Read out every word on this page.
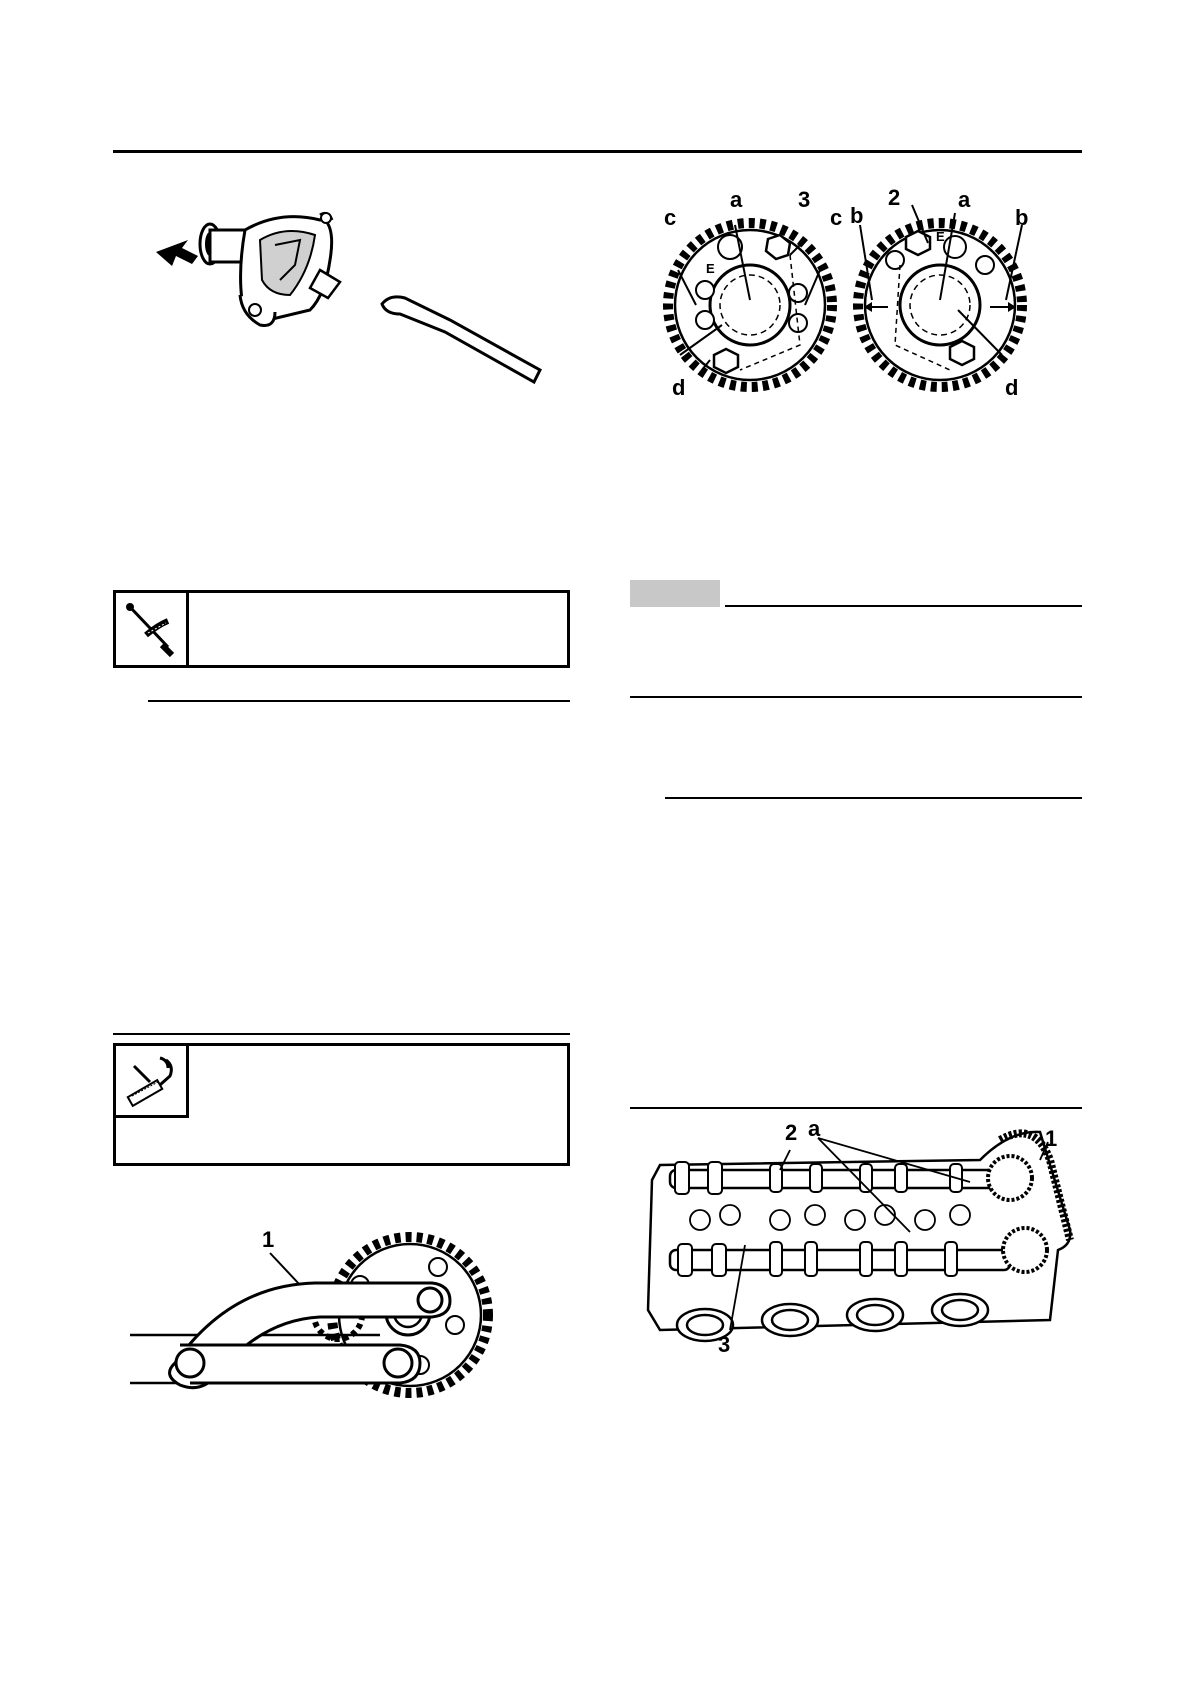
a	3
c	c
d
b
2	a
b
d
E
E
1
2 a	1
3
